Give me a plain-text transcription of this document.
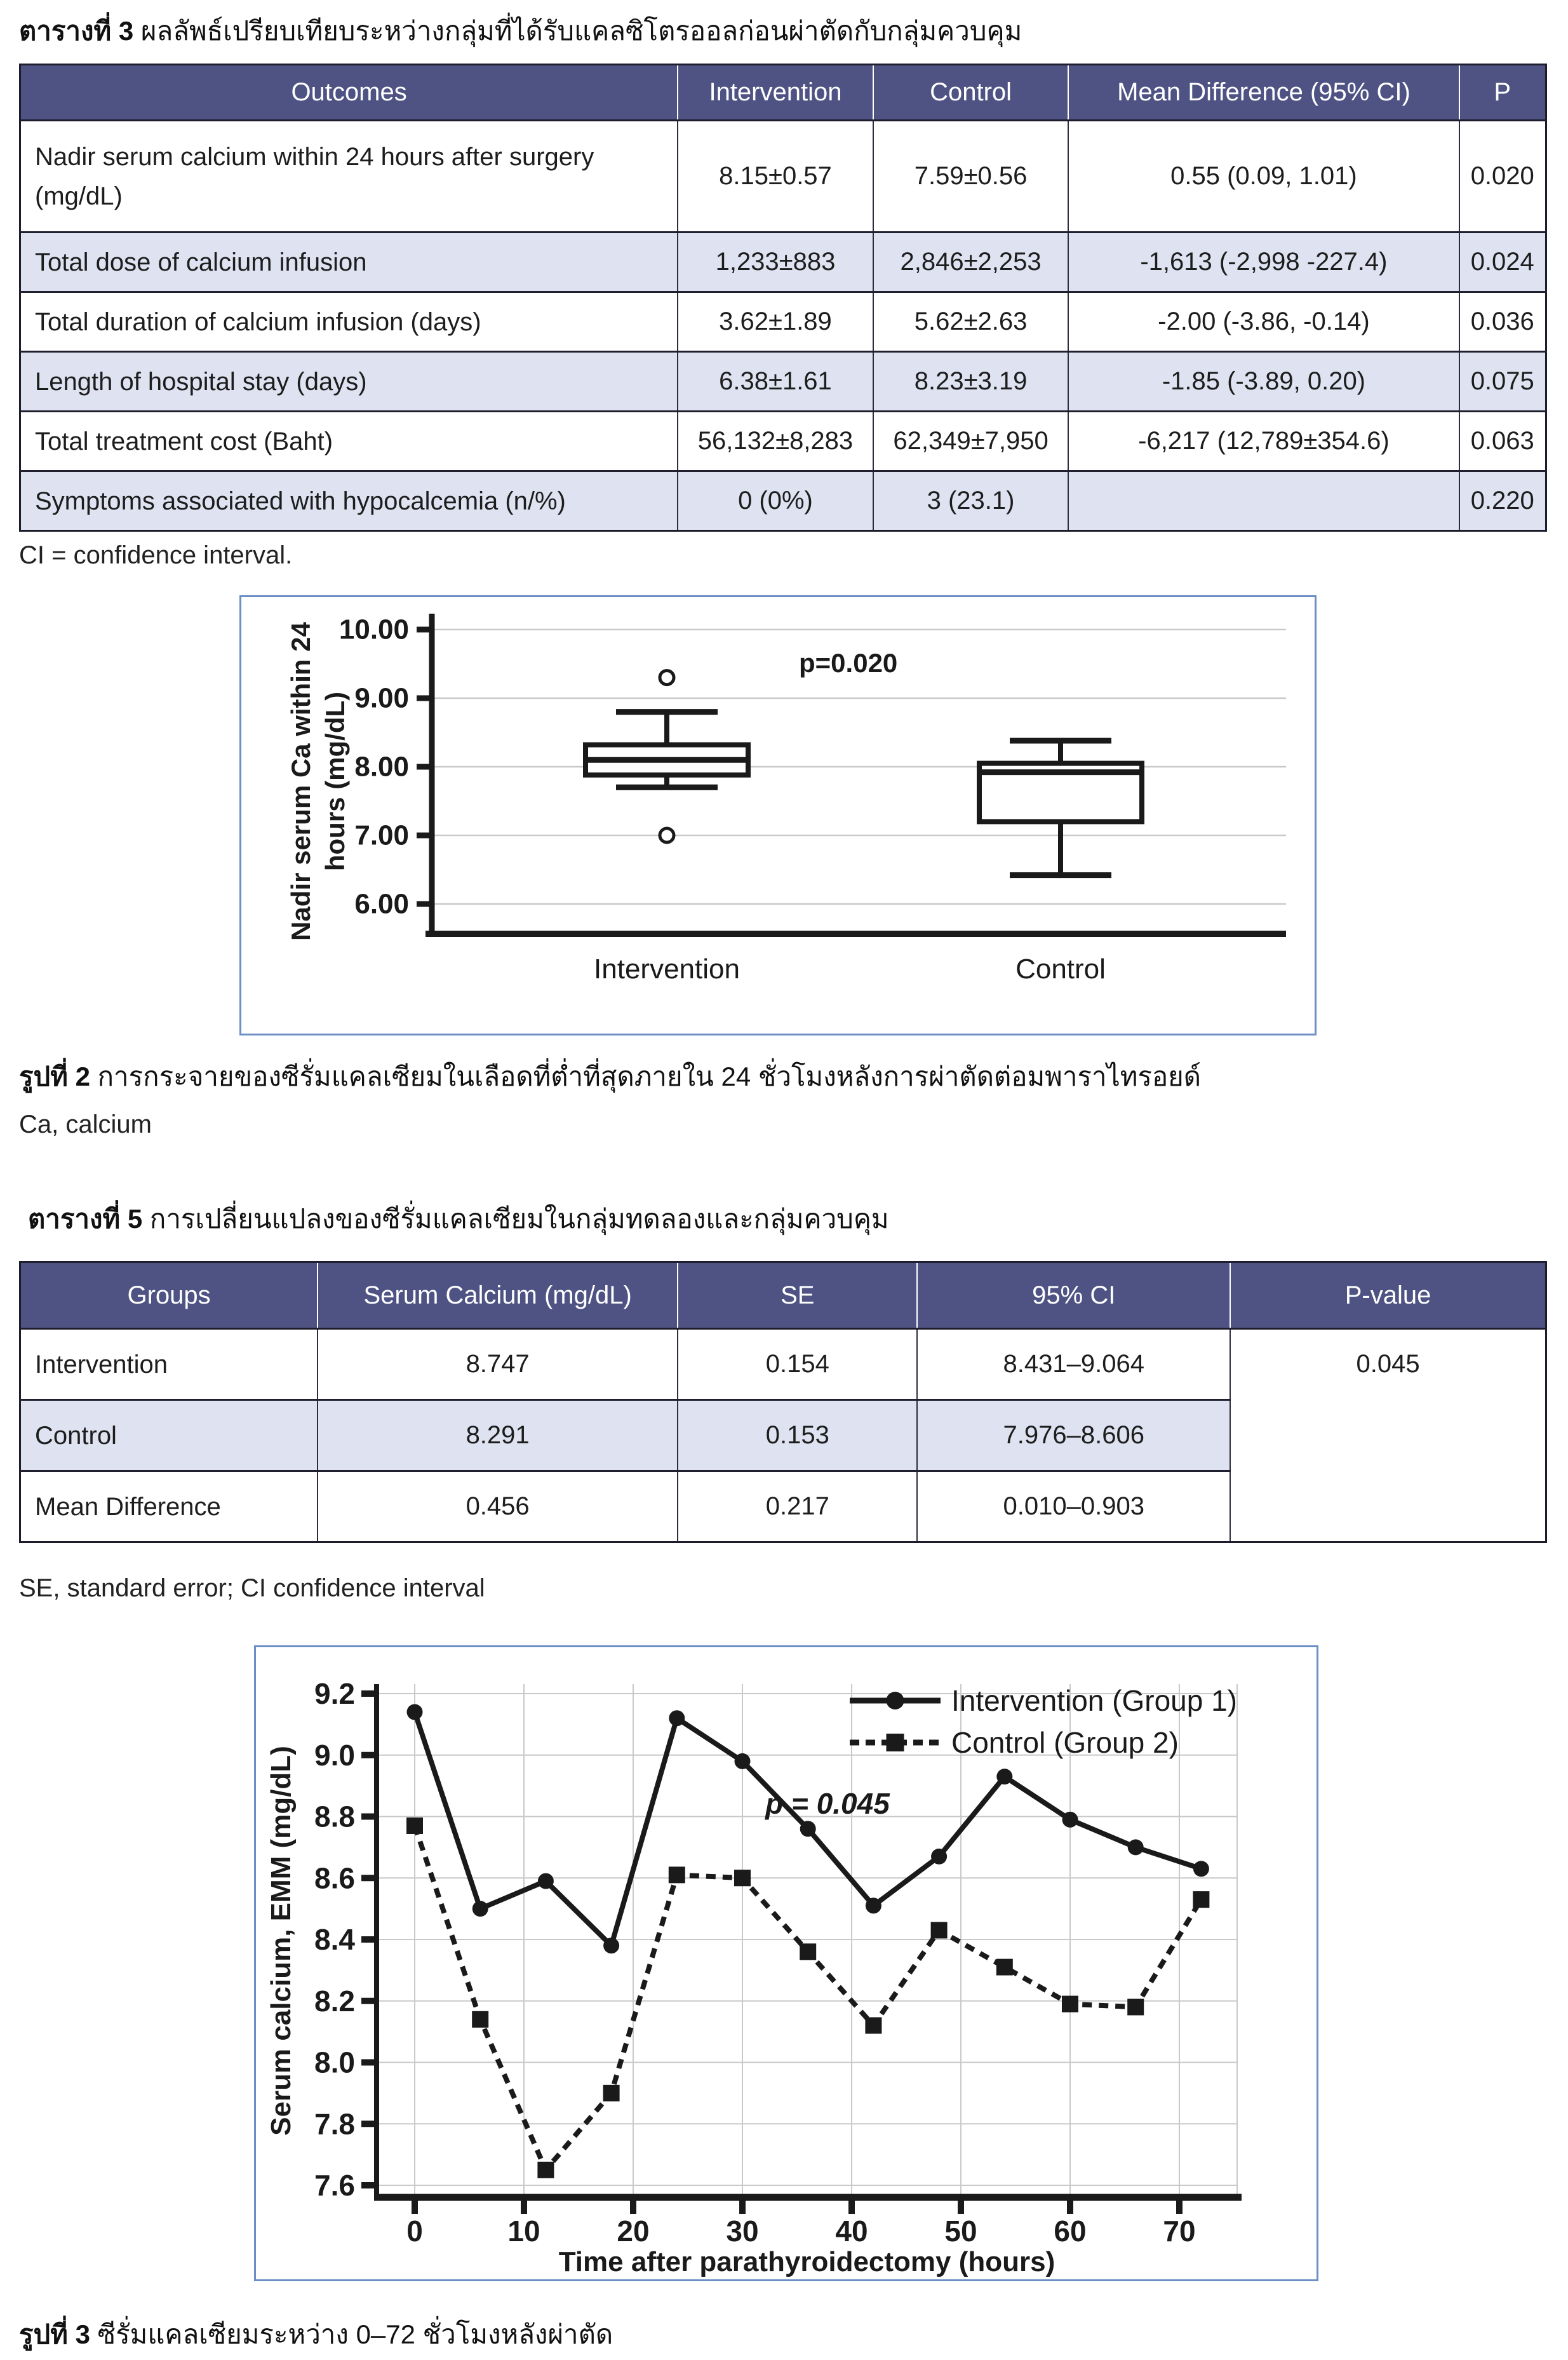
ตารางที่ 3 ผลลัพธ์เปรียบเทียบระหว่างกลุ่มที่ได้รับแคลซิโตรออลก่อนผ่าตัดกับกลุ่มควบคุม
Outcomes	Intervention	Control	Mean Difference (95% CI)	P
Nadir serum calcium within 24 hours after surgery (mg/dL)	8.15±0.57	7.59±0.56	0.55 (0.09, 1.01)	0.020
Total dose of calcium infusion	1,233±883	2,846±2,253	-1,613 (-2,998 -227.4)	0.024
Total duration of calcium infusion (days)	3.62±1.89	5.62±2.63	-2.00 (-3.86, -0.14)	0.036
Length of hospital stay (days)	6.38±1.61	8.23±3.19	-1.85 (-3.89, 0.20)	0.075
Total treatment cost (Baht)	56,132±8,283	62,349±7,950	-6,217 (12,789±354.6)	0.063
Symptoms associated with hypocalcemia (n/%)	0 (0%)	3 (23.1)		0.220
CI = confidence interval.
10.00
9.00
8.00
7.00
6.00
Nadir serum Ca within 24 hours (mg/dL)
p=0.020
Intervention	Control
รูปที่ 2 การกระจายของซีรั่มแคลเซียมในเลือดที่ต่ำที่สุดภายใน 24 ชั่วโมงหลังการผ่าตัดต่อมพาราไทรอยด์
Ca, calcium
ตารางที่ 5 การเปลี่ยนแปลงของซีรั่มแคลเซียมในกลุ่มทดลองและกลุ่มควบคุม
Groups	Serum Calcium (mg/dL)	SE	95% CI	P-value
Intervention	8.747	0.154	8.431–9.064	0.045
Control	8.291	0.153	7.976–8.606	
Mean Difference	0.456	0.217	0.010–0.903	
SE, standard error; CI confidence interval
9.2
9.0
8.8
8.6
8.4
8.2
8.0
7.8
7.6
0	10	20	30	40	50	60	70
Time after parathyroidectomy (hours)
Serum calcium, EMM (mg/dL)	p = 0.045
Intervention (Group 1)
Control (Group 2)
รูปที่ 3 ซีรั่มแคลเซียมระหว่าง 0–72 ชั่วโมงหลังผ่าตัด
